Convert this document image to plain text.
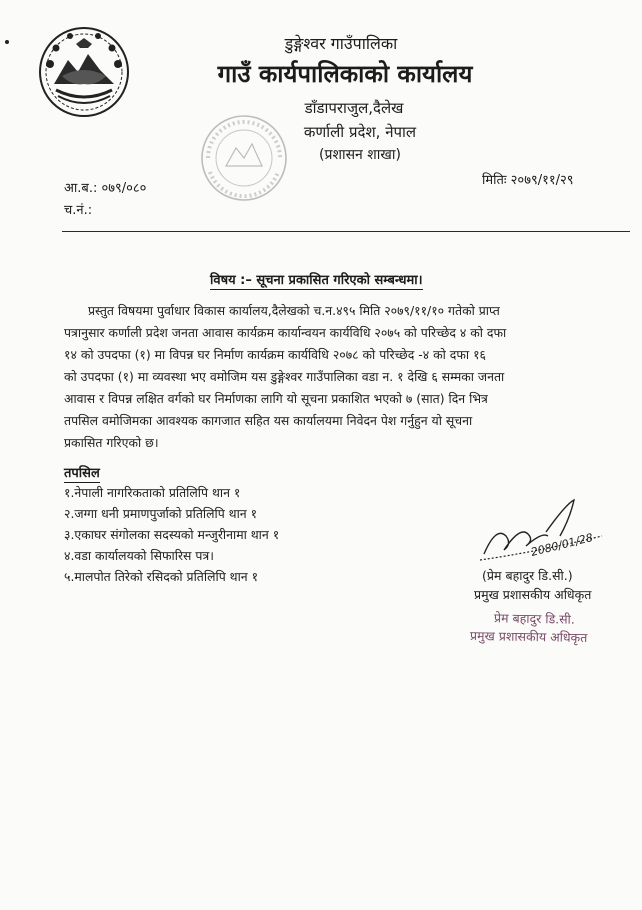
डुङ्गेश्वर गाउँपालिका
गाउँ कार्यपालिकाको कार्यालय
डाँडापराजुल,दैलेख
कर्णाली प्रदेश, नेपाल
(प्रशासन शाखा)
आ.ब.: ०७९/०८०
च.नं.:
मितिः २०७९/११/२९
विषय :– सूचना प्रकासित गरिएको सम्बन्धमा।
प्रस्तुत विषयमा पुर्वाधार विकास कार्यालय,दैलेखको च.न.४९५ मिति २०७९/११/१० गतेको प्राप्त
पत्रानुसार कर्णाली प्रदेश जनता आवास कार्यक्रम कार्यान्वयन कार्यविधि २०७५ को परिच्छेद ४ को दफा
१४ को उपदफा (१) मा विपन्न घर निर्माण कार्यक्रम कार्यविधि २०७८ को परिच्छेद -४ को दफा १६
को उपदफा (१) मा व्यवस्था भए वमोजिम यस डुङ्गेश्वर गाउँपालिका वडा न. १ देखि ६ सम्मका जनता
आवास र विपन्न लक्षित वर्गको घर निर्माणका लागि यो सूचना प्रकाशित भएको ७ (सात) दिन भित्र
तपसिल वमोजिमका आवश्यक कागजात सहित यस कार्यालयमा निवेदन पेश गर्नुहुन यो सूचना
प्रकासित गरिएको छ।
तपसिल
१.नेपाली नागरिकताको प्रतिलिपि थान १
२.जग्गा धनी प्रमाणपुर्जाको प्रतिलिपि थान १
३.एकाघर संगोलका सदस्यको मन्जुरीनामा थान १
४.वडा कार्यालयको सिफारिस पत्र।
५.मालपोत तिरेको रसिदको प्रतिलिपि थान १
2080/01/28
(प्रेम बहादुर डि.सी.)
प्रमुख प्रशासकीय अधिकृत
प्रेम बहादुर डि.सी.
प्रमुख प्रशासकीय अधिकृत
